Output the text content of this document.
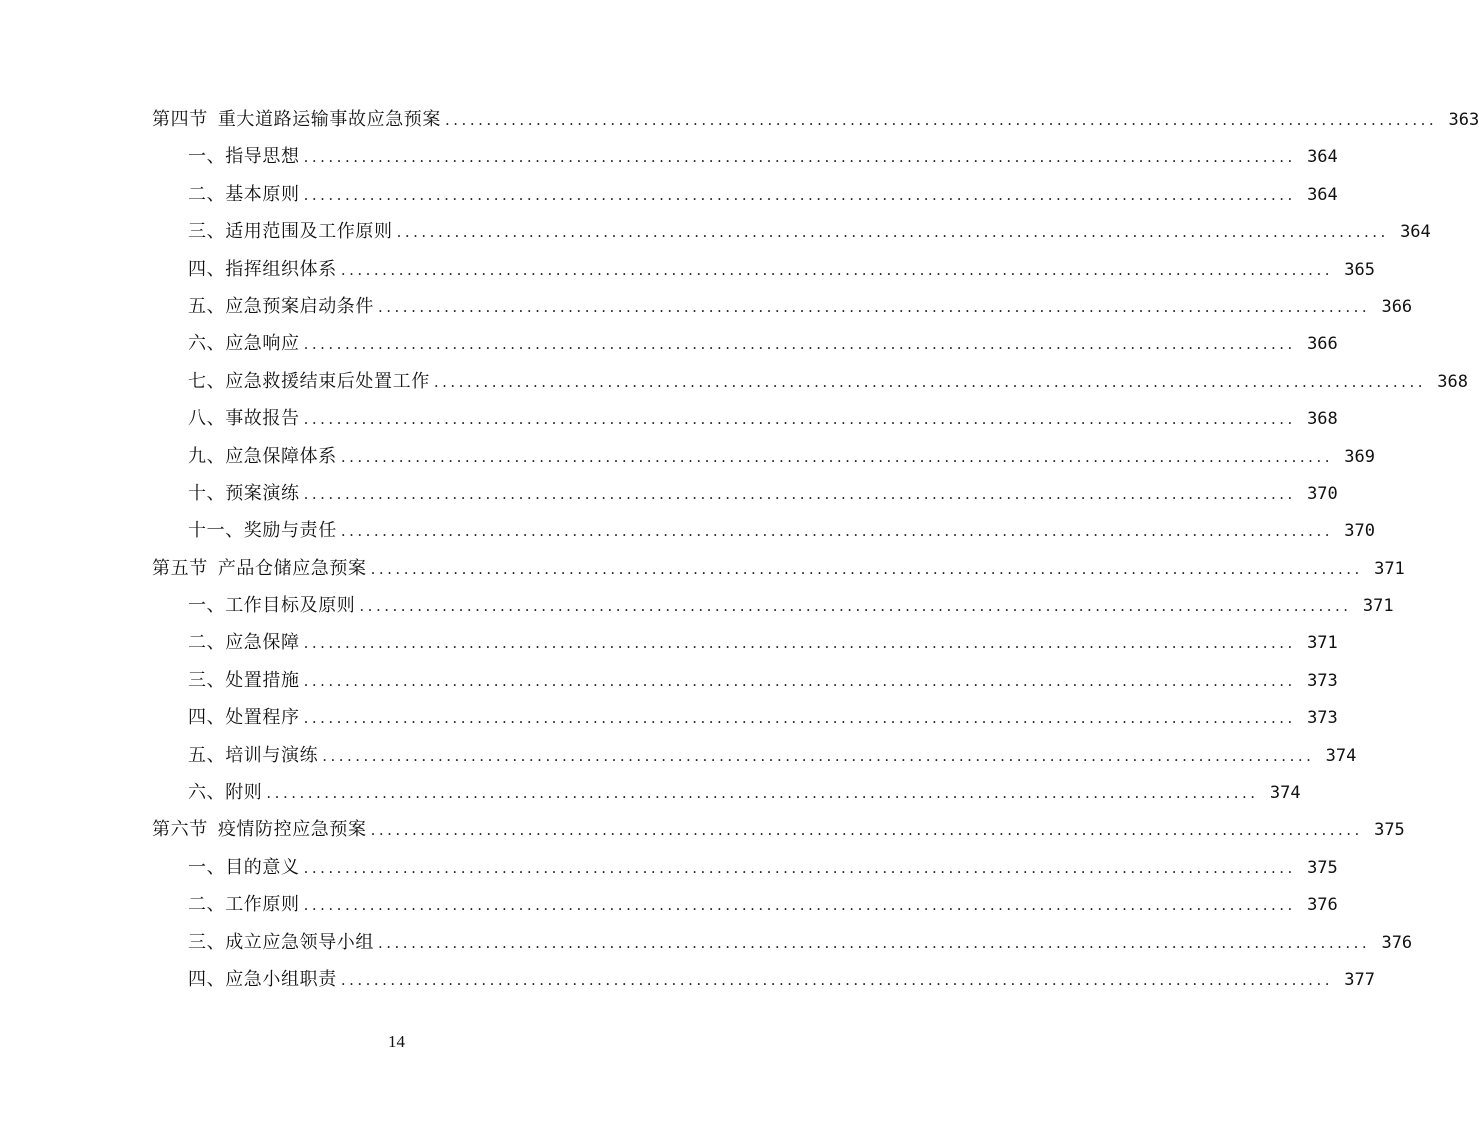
第四节 重大道路运输事故应急预案 ........................................................................................................................ 363
一、指导思想 ........................................................................................................................ 364
二、基本原则 ........................................................................................................................ 364
三、适用范围及工作原则 ........................................................................................................................ 364
四、指挥组织体系 ........................................................................................................................ 365
五、应急预案启动条件 ........................................................................................................................ 366
六、应急响应 ........................................................................................................................ 366
七、应急救援结束后处置工作 ........................................................................................................................ 368
八、事故报告 ........................................................................................................................ 368
九、应急保障体系 ........................................................................................................................ 369
十、预案演练 ........................................................................................................................ 370
十一、奖励与责任 ........................................................................................................................ 370
第五节 产品仓储应急预案 ........................................................................................................................ 371
一、工作目标及原则 ........................................................................................................................ 371
二、应急保障 ........................................................................................................................ 371
三、处置措施 ........................................................................................................................ 373
四、处置程序 ........................................................................................................................ 373
五、培训与演练 ........................................................................................................................ 374
六、附则 ........................................................................................................................ 374
第六节 疫情防控应急预案 ........................................................................................................................ 375
一、目的意义 ........................................................................................................................ 375
二、工作原则 ........................................................................................................................ 376
三、成立应急领导小组 ........................................................................................................................ 376
四、应急小组职责 ........................................................................................................................ 377
14
